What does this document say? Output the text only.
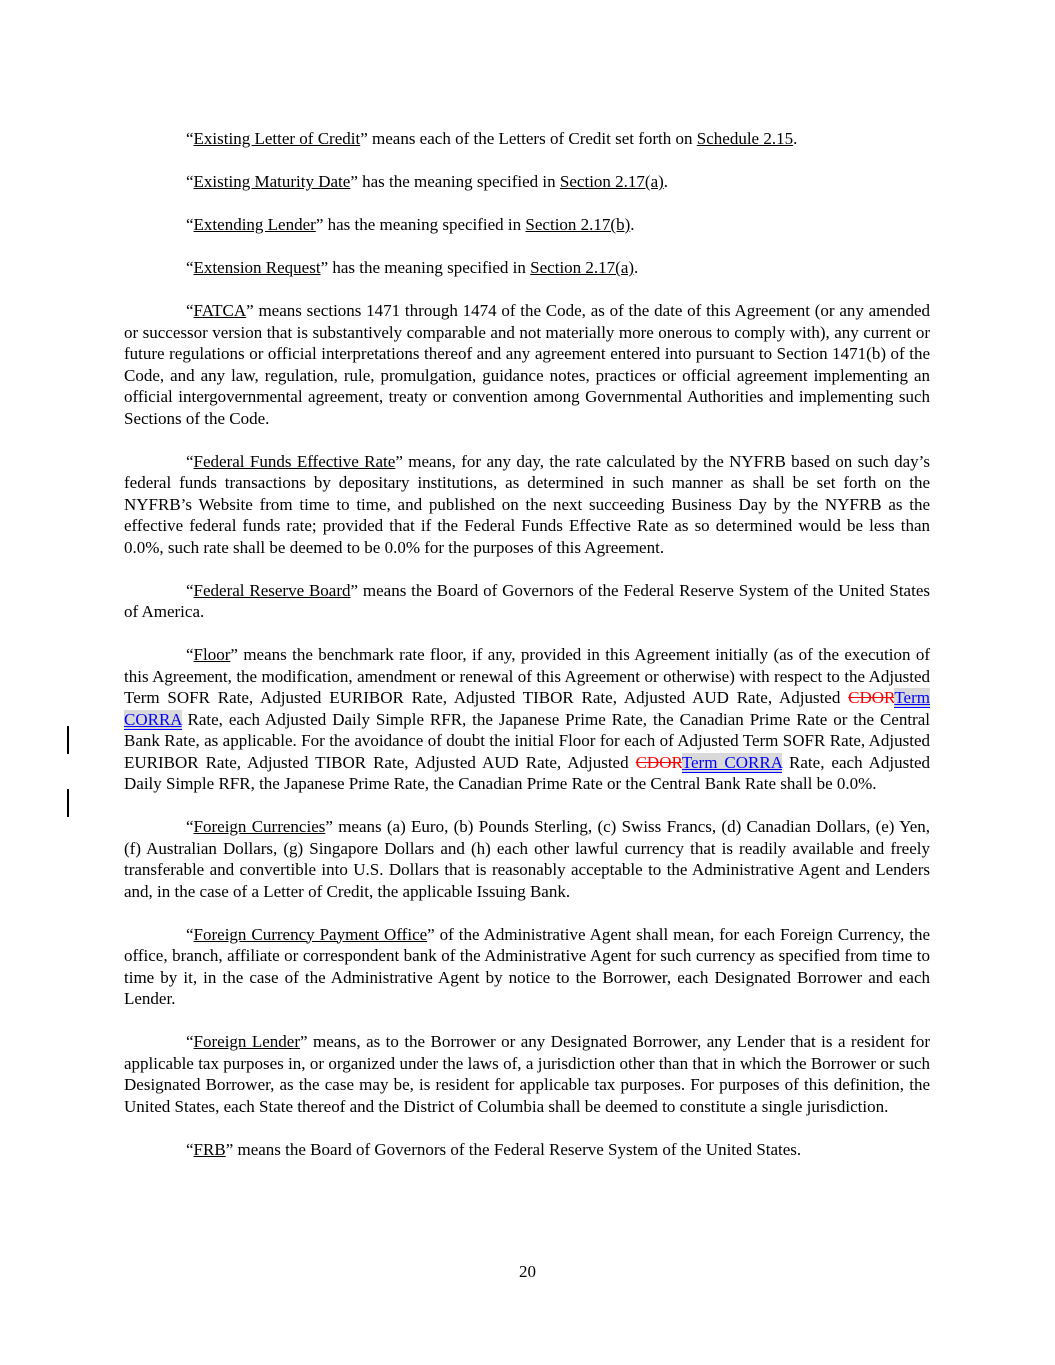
“Existing Letter of Credit” means each of the Letters of Credit set forth on Schedule 2.15.

“Existing Maturity Date” has the meaning specified in Section 2.17(a).

“Extending Lender” has the meaning specified in Section 2.17(b).

“Extension Request” has the meaning specified in Section 2.17(a).

“FATCA” means sections 1471 through 1474 of the Code, as of the date of this Agreement (or any amended or successor version that is substantively comparable and not materially more onerous to comply with), any current or future regulations or official interpretations thereof and any agreement entered into pursuant to Section 1471(b) of the Code, and any law, regulation, rule, promulgation, guidance notes, practices or official agreement implementing an official intergovernmental agreement, treaty or convention among Governmental Authorities and implementing such Sections of the Code.

“Federal Funds Effective Rate” means, for any day, the rate calculated by the NYFRB based on such day’s federal funds transactions by depositary institutions, as determined in such manner as shall be set forth on the NYFRB’s Website from time to time, and published on the next succeeding Business Day by the NYFRB as the effective federal funds rate; provided that if the Federal Funds Effective Rate as so determined would be less than 0.0%, such rate shall be deemed to be 0.0% for the purposes of this Agreement.

“Federal Reserve Board” means the Board of Governors of the Federal Reserve System of the United States of America.

“Floor” means the benchmark rate floor, if any, provided in this Agreement initially (as of the execution of this Agreement, the modification, amendment or renewal of this Agreement or otherwise) with respect to the Adjusted Term SOFR Rate, Adjusted EURIBOR Rate, Adjusted TIBOR Rate, Adjusted AUD Rate, Adjusted CDORTerm CORRA Rate, each Adjusted Daily Simple RFR, the Japanese Prime Rate, the Canadian Prime Rate or the Central Bank Rate, as applicable. For the avoidance of doubt the initial Floor for each of Adjusted Term SOFR Rate, Adjusted EURIBOR Rate, Adjusted TIBOR Rate, Adjusted AUD Rate, Adjusted CDORTerm CORRA Rate, each Adjusted Daily Simple RFR, the Japanese Prime Rate, the Canadian Prime Rate or the Central Bank Rate shall be 0.0%.

“Foreign Currencies” means (a) Euro, (b) Pounds Sterling, (c) Swiss Francs, (d) Canadian Dollars, (e) Yen, (f) Australian Dollars, (g) Singapore Dollars and (h) each other lawful currency that is readily available and freely transferable and convertible into U.S. Dollars that is reasonably acceptable to the Administrative Agent and Lenders and, in the case of a Letter of Credit, the applicable Issuing Bank.

“Foreign Currency Payment Office” of the Administrative Agent shall mean, for each Foreign Currency, the office, branch, affiliate or correspondent bank of the Administrative Agent for such currency as specified from time to time by it, in the case of the Administrative Agent by notice to the Borrower, each Designated Borrower and each Lender.

“Foreign Lender” means, as to the Borrower or any Designated Borrower, any Lender that is a resident for applicable tax purposes in, or organized under the laws of, a jurisdiction other than that in which the Borrower or such Designated Borrower, as the case may be, is resident for applicable tax purposes. For purposes of this definition, the United States, each State thereof and the District of Columbia shall be deemed to constitute a single jurisdiction.

“FRB” means the Board of Governors of the Federal Reserve System of the United States.

20
